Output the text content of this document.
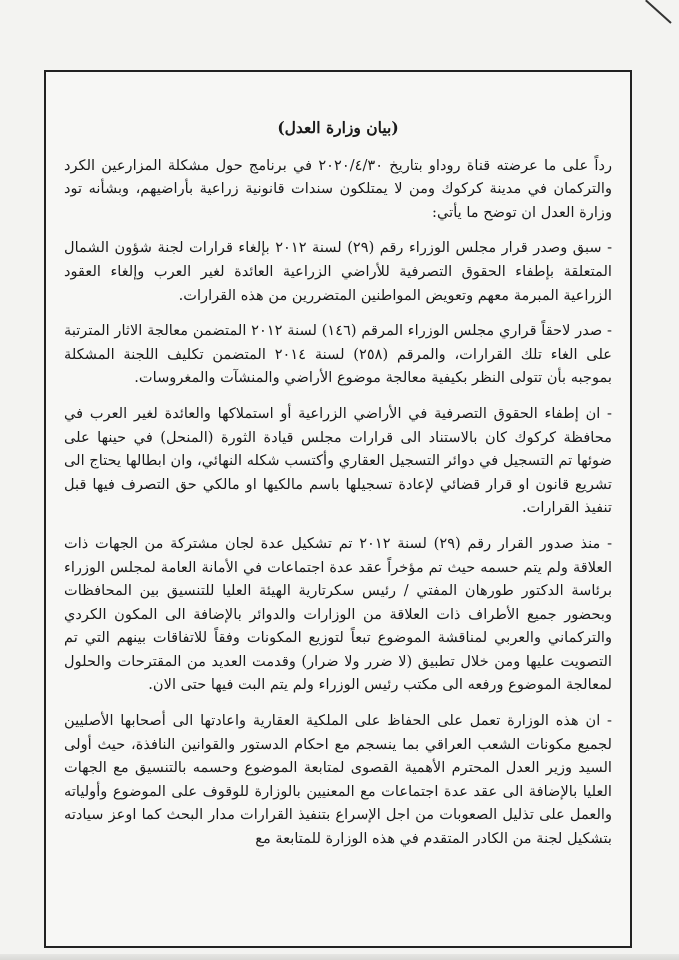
(بيان وزارة العدل)

رداً على ما عرضته قناة روداو بتاريخ ٢٠٢٠/٤/٣٠ في برنامج حول مشكلة المزارعين الكرد والتركمان في مدينة كركوك ومن لا يمتلكون سندات قانونية زراعية بأراضيهم، وبشأنه تود وزارة العدل ان توضح ما يأتي:

- سبق وصدر قرار مجلس الوزراء رقم (٢٩) لسنة ٢٠١٢ بإلغاء قرارات لجنة شؤون الشمال المتعلقة بإطفاء الحقوق التصرفية للأراضي الزراعية العائدة لغير العرب وإلغاء العقود الزراعية المبرمة معهم وتعويض المواطنين المتضررين من هذه القرارات.

- صدر لاحقاً قراري مجلس الوزراء المرقم (١٤٦) لسنة ٢٠١٢ المتضمن معالجة الاثار المترتبة على الغاء تلك القرارات، والمرقم (٢٥٨) لسنة ٢٠١٤ المتضمن تكليف اللجنة المشكلة بموجبه بأن تتولى النظر بكيفية معالجة موضوع الأراضي والمنشآت والمغروسات.

- ان إطفاء الحقوق التصرفية في الأراضي الزراعية أو استملاكها والعائدة لغير العرب في محافظة كركوك كان بالاستناد الى قرارات مجلس قيادة الثورة (المنحل) في حينها على ضوئها تم التسجيل في دوائر التسجيل العقاري وأكتسب شكله النهائي، وان ابطالها يحتاج الى تشريع قانون او قرار قضائي لإعادة تسجيلها باسم مالكيها او مالكي حق التصرف فيها قبل تنفيذ القرارات.

- منذ صدور القرار رقم (٢٩) لسنة ٢٠١٢ تم تشكيل عدة لجان مشتركة من الجهات ذات العلاقة ولم يتم حسمه حيث تم مؤخراً عقد عدة اجتماعات في الأمانة العامة لمجلس الوزراء برئاسة الدكتور طورهان المفتي / رئيس سكرتارية الهيئة العليا للتنسيق بين المحافظات وبحضور جميع الأطراف ذات العلاقة من الوزارات والدوائر بالإضافة الى المكون الكردي والتركماني والعربي لمناقشة الموضوع تبعاً لتوزيع المكونات وفقاً للاتفاقات بينهم التي تم التصويت عليها ومن خلال تطبيق (لا ضرر ولا ضرار) وقدمت العديد من المقترحات والحلول لمعالجة الموضوع ورفعه الى مكتب رئيس الوزراء ولم يتم البت فيها حتى الان.

- ان هذه الوزارة تعمل على الحفاظ على الملكية العقارية واعادتها الى أصحابها الأصليين لجميع مكونات الشعب العراقي بما ينسجم مع احكام الدستور والقوانين النافذة، حيث أولى السيد وزير العدل المحترم الأهمية القصوى لمتابعة الموضوع وحسمه بالتنسيق مع الجهات العليا بالإضافة الى عقد عدة اجتماعات مع المعنيين بالوزارة للوقوف على الموضوع وأولياته والعمل على تذليل الصعوبات من اجل الإسراع بتنفيذ القرارات مدار البحث كما اوعز سيادته بتشكيل لجنة من الكادر المتقدم في هذه الوزارة للمتابعة مع
